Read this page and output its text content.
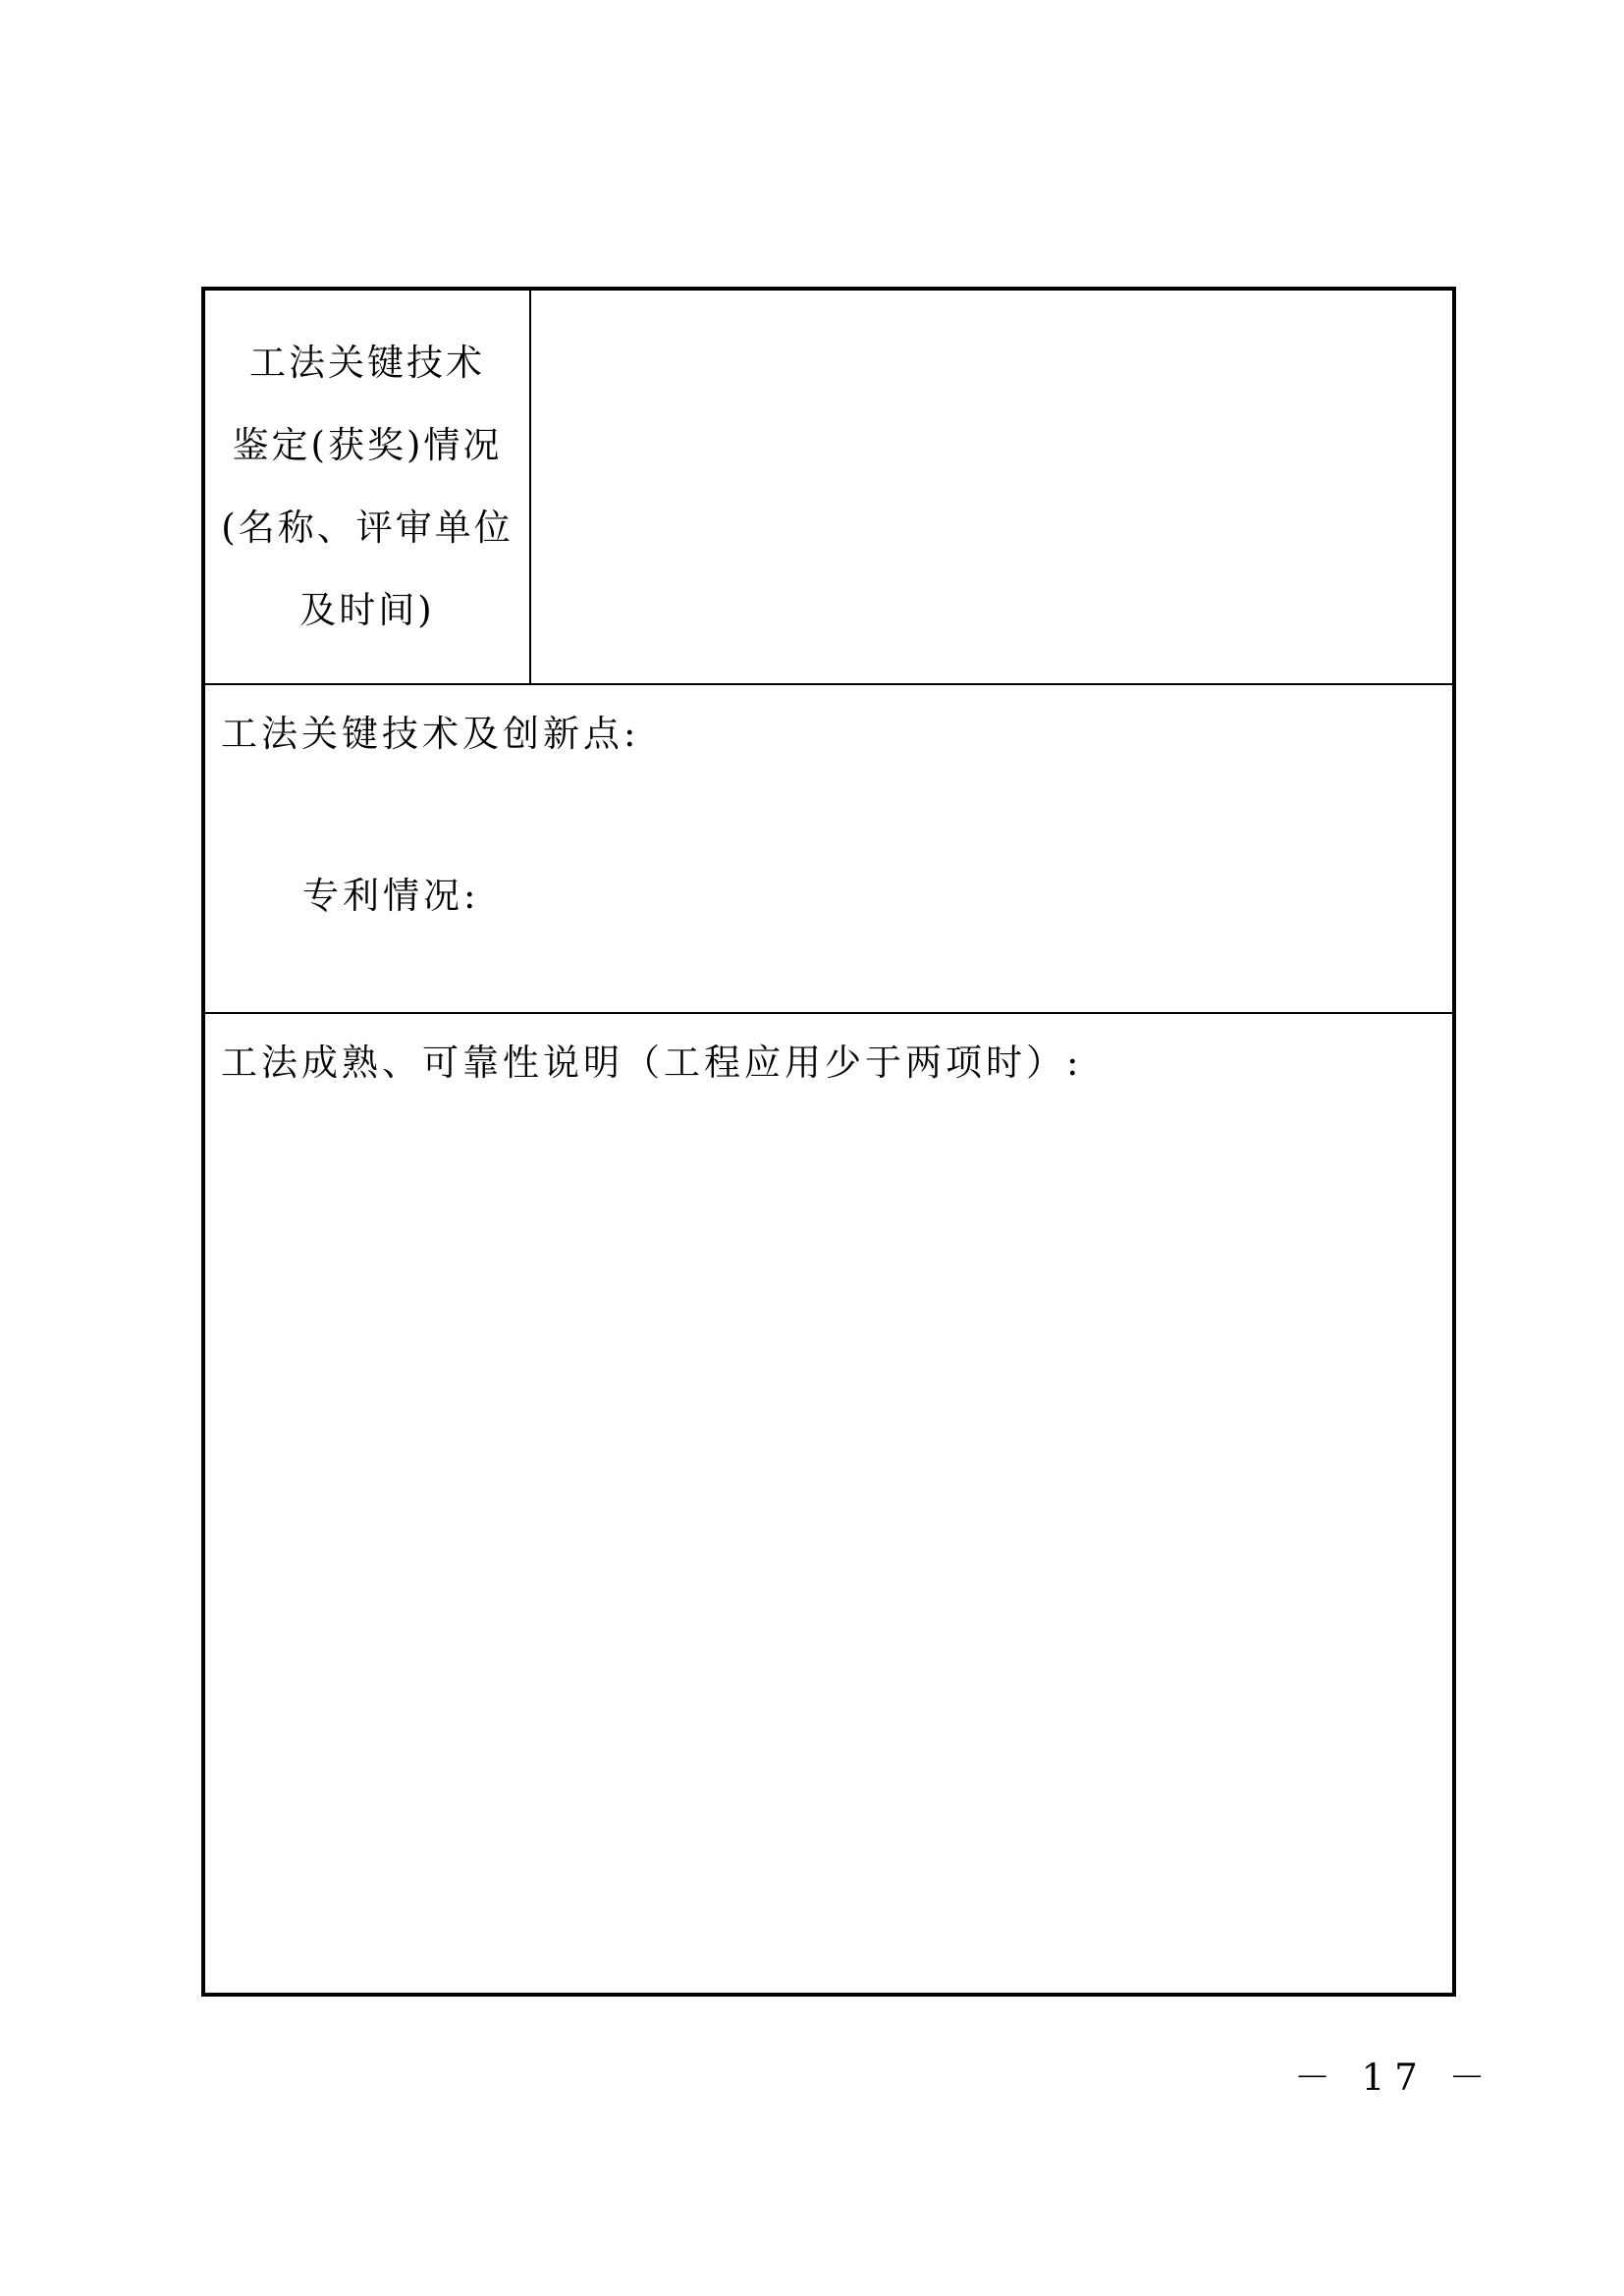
工法关键技术
鉴定(获奖)情况
(名称、评审单位
及时间)
工法关键技术及创新点:
专利情况:
工法成熟、可靠性说明（工程应用少于两项时）:
－ 17 －
